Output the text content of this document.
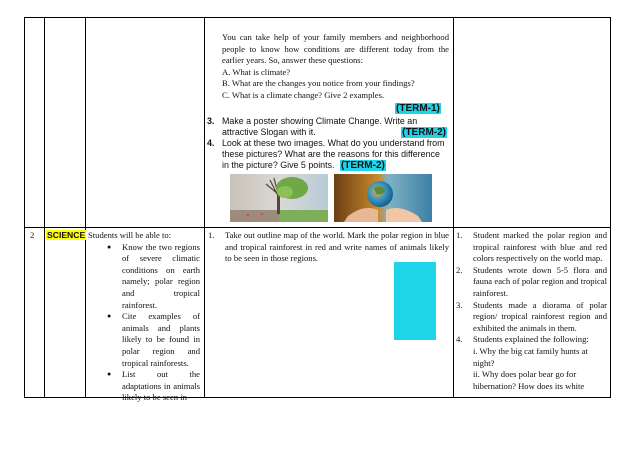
You can take help of your family members and neighborhood people to know how conditions are different today from the earlier years. So, answer these questions:
A. What is climate?
B. What are the changes you notice from your findings?
C. What is a climate change? Give 2 examples.
(TERM-1)
3. Make a poster showing Climate Change. Write an
attractive Slogan with it.	(TERM-2)
4. Look at these two images. What do you understand from these pictures? What are the reasons for this difference in the picture? Give 5 points. (TERM-2)
2 SCIENCE Students will be able to:
● Know the two regions of severe climatic conditions on earth namely; polar region and tropical rainforest.
● Cite examples of animals and plants likely to be found in polar region and tropical rainforests.
● List out the adaptations in animals likely to be seen in
1. Take out outline map of the world. Mark the polar region in blue and tropical rainforest in red and write names of animals likely to be seen in those regions.
1. Student marked the polar region and tropical rainforest with blue and red colors respectively on the world map.
2. Students wrote down 5-5 flora and fauna each of polar region and tropical rainforest.
3. Students made a diorama of polar region/ tropical rainforest region and exhibited the animals in them.
4. Students explained the following:
i. Why the big cat family hunts at night?
ii. Why does polar bear go for hibernation? How does its white
